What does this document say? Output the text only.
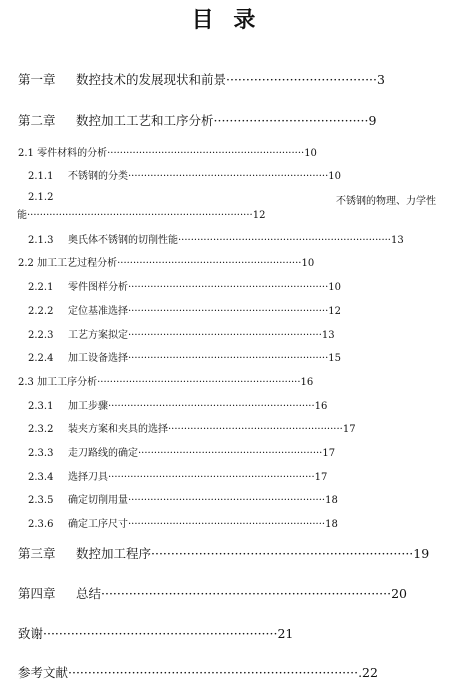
目 录
第一章 数控技术的发展现状和前景······································3
第二章 数控加工工艺和工序分析·······································9
2.1 零件材料的分析······························································10
2.1.1 不锈钢的分类·······························································10
2.1.2	不锈钢的物理、力学性
能·······································································12
2.1.3 奥氏体不锈钢的切削性能···································································13
2.2 加工工艺过程分析··························································10
2.2.1 零件图样分析·······························································10
2.2.2 定位基准选择·······························································12
2.2.3 工艺方案拟定·····························································13
2.2.4 加工设备选择·······························································15
2.3 加工工序分析································································16
2.3.1 加工步骤·································································16
2.3.2 装夹方案和夹具的选择·······················································17
2.3.3 走刀路线的确定··························································17
2.3.4 选择刀具·································································17
2.3.5 确定切削用量······························································18
2.3.6 确定工序尺寸······························································18
第三章 数控加工程序··································································19
第四章 总结·········································································20
致谢···························································21
参考文献·········································································.22
